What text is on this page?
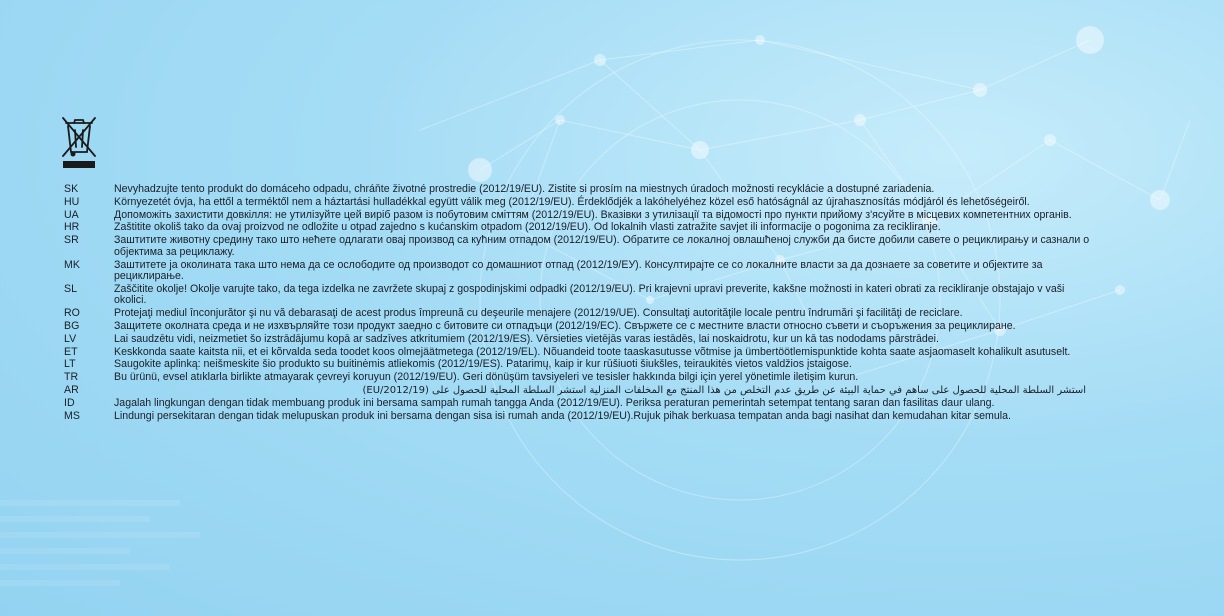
SK	Nevyhadzujte tento produkt do domáceho odpadu, chráňte životné prostredie (2012/19/EU). Zistite si prosím na miestnych úradoch možnosti recyklácie a dostupné zariadenia.
HU	Környezetét óvja, ha ettől a terméktől nem a háztartási hulladékkal együtt válik meg (2012/19/EU). Érdeklődjék a lakóhelyéhez közel eső hatóságnál az újrahasznosítás módjáról és lehetőségeiről.
UA	Допоможіть захистити довкілля: не утилізуйте цей виріб разом із побутовим сміттям (2012/19/EU). Вказівки з утилізації та відомості про пункти прийому з'ясуйте в місцевих компетентних органів.
HR	Zaštitite okoliš tako da ovaj proizvod ne odložite u otpad zajedno s kućanskim otpadom (2012/19/EU). Od lokalnih vlasti zatražite savjet ili informacije o pogonima za recikliranje.
SR	Заштитите животну средину тако што нећете одлагати овај производ са кућним отпадом (2012/19/EU). Обратите се локалној овлашћеној служби да бисте добили савете о рециклирању и сазнали о објектима за рециклажу.
MK	Заштитете ја околината така што нема да се ослободите од производот со домашниот отпад (2012/19/ЕУ). Консултирајте се со локалните власти за да дознаете за советите и објектите за рециклирање.
SL	Zaščitite okolje! Okolje varujte tako, da tega izdelka ne zavržete skupaj z gospodinjskimi odpadki (2012/19/EU). Pri krajevni upravi preverite, kakšne možnosti in kateri obrati za recikliranje obstajajo v vaši okolici.
RO	Protejaţi mediul înconjurător şi nu vă debarasaţi de acest produs împreună cu deşeurile menajere (2012/19/UE). Consultaţi autorităţile locale pentru îndrumări şi facilităţi de reciclare.
BG	Защитете околната среда и не изхвърляйте този продукт заедно с битовите си отпадъци (2012/19/ЕС). Свържете се с местните власти относно съвети и съоръжения за рециклиране.
LV	Lai saudzētu vidi, neizmetiet šo izstrādājumu kopā ar sadzīves atkritumiem (2012/19/ES). Vērsieties vietējās varas iestādēs, lai noskaidrotu, kur un kā tas nododams pārstrādei.
ET	Keskkonda saate kaitsta nii, et ei kõrvalda seda toodet koos olmejäätmetega (2012/19/EL). Nõuandeid toote taaskasutusse võtmise ja ümbertöötlemispunktide kohta saate asjaomaselt kohalikult asutuselt.
LT	Saugokite aplinką: neišmeskite šio produkto su buitinėmis atliekomis (2012/19/ES). Patarimų, kaip ir kur rūšiuoti šiukšles, teiraukitės vietos valdžios įstaigose.
TR	Bu ürünü, evsel atıklarla birlikte atmayarak çevreyi koruyun (2012/19/EU). Geri dönüşüm tavsiyeleri ve tesisler hakkında bilgi için yerel yönetimle iletişim kurun.
AR	استشر السلطة المحلية للحصول على ساهم في حماية البيئة عن طريق عدم التخلص من هذا المنتج مع المخلفات المنزلية استشر السلطة المحلية للحصول على (2012/19/EU)
ID	Jagalah lingkungan dengan tidak membuang produk ini bersama sampah rumah tangga Anda (2012/19/EU). Periksa peraturan pemerintah setempat tentang saran dan fasilitas daur ulang.
MS	Lindungi persekitaran dengan tidak melupuskan produk ini bersama dengan sisa isi rumah anda (2012/19/EU).Rujuk pihak berkuasa tempatan anda bagi nasihat dan kemudahan kitar semula.
